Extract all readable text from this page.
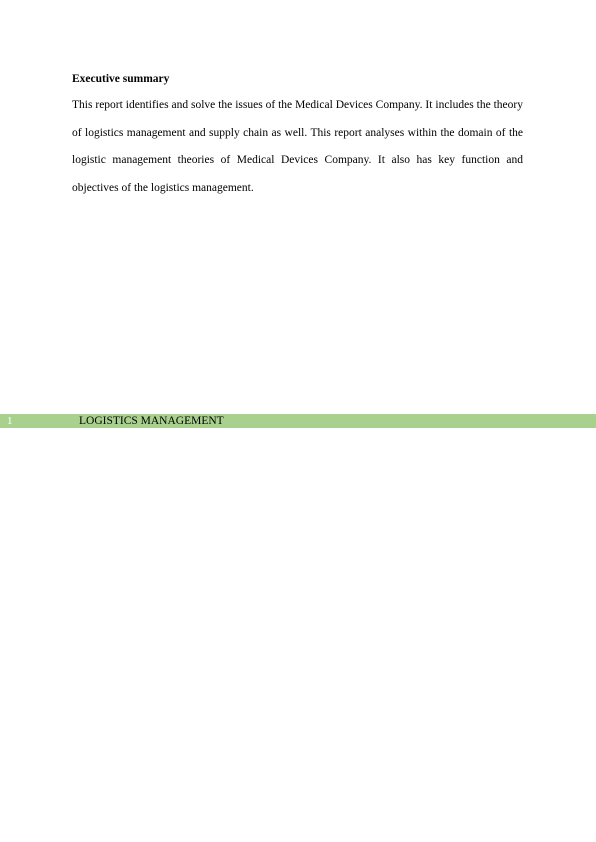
Executive summary

This report identifies and solve the issues of the Medical Devices Company. It includes the theory of logistics management and supply chain as well. This report analyses within the domain of the logistic management theories of Medical Devices Company. It also has key function and objectives of the logistics management.

1	LOGISTICS MANAGEMENT
